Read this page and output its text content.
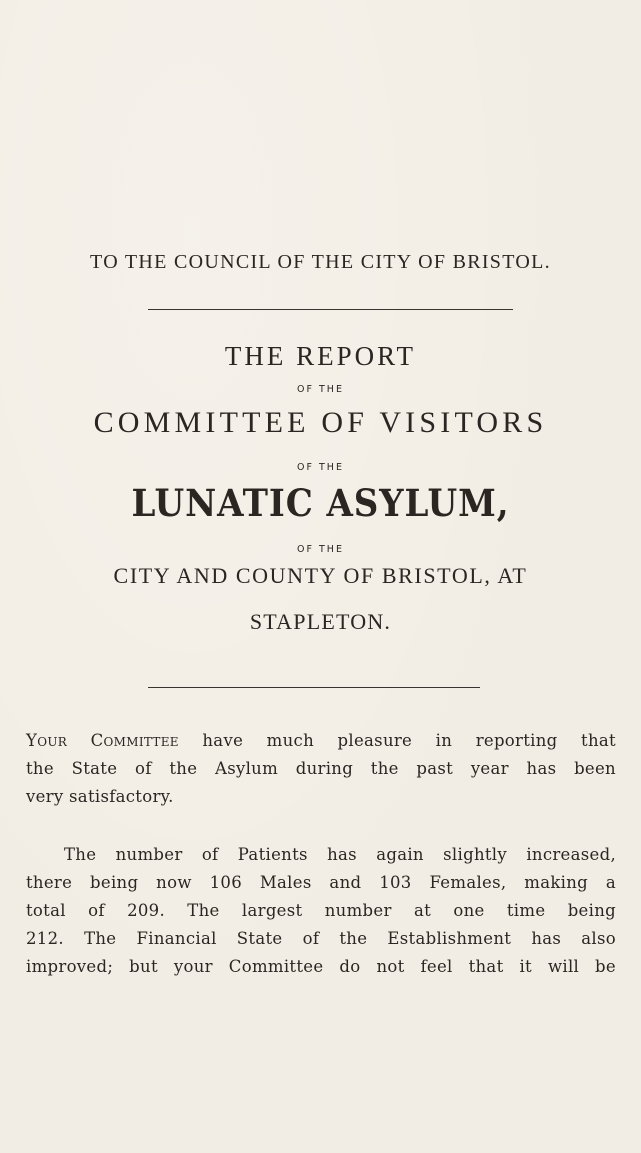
TO THE COUNCIL OF THE CITY OF BRISTOL.
THE REPORT
OF THE
COMMITTEE OF VISITORS
OF THE
LUNATIC ASYLUM,
OF THE
CITY AND COUNTY OF BRISTOL, AT
STAPLETON.
Your Committee have much pleasure in reporting that
the State of the Asylum during the past year has been
very satisfactory.
The number of Patients has again slightly increased,
there being now 106 Males and 103 Females, making a
total of 209. The largest number at one time being
212. The Financial State of the Establishment has also
improved; but your Committee do not feel that it will be
